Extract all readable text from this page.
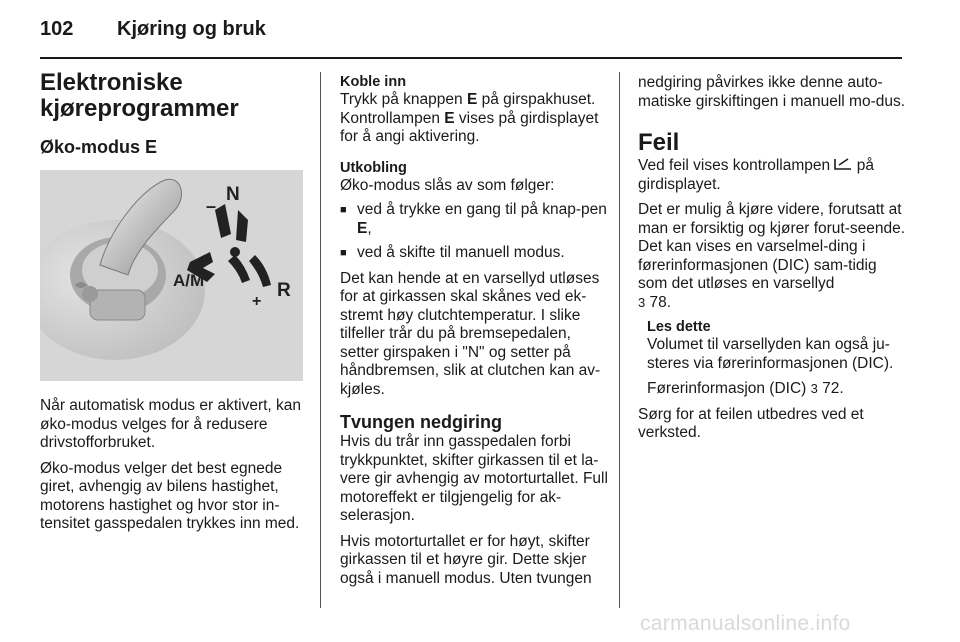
102 Kjøring og bruk
Elektroniske kjøreprogrammer
Øko-modus E
N
–
A/M
+
R

Når automatisk modus er aktivert, kan øko-modus velges for å redusere drivstofforbruket.

Øko-modus velger det best egnede giret, avhengig av bilens hastighet, motorens hastighet og hvor stor in-tensitet gasspedalen trykkes inn med.

Koble inn

Trykk på knappen E på girspakhuset. Kontrollampen E vises på girdisplayet for å angi aktivering.

Utkobling

Øko-modus slås av som følger:

■ ved å trykke en gang til på knap-pen E,
■ ved å skifte til manuell modus.

Det kan hende at en varsellyd utløses for at girkassen skal skånes ved ek-stremt høy clutchtemperatur. I slike tilfeller trår du på bremsepedalen, setter girspaken i "N" og setter på håndbremsen, slik at clutchen kan av-kjøles.

Tvungen nedgiring

Hvis du trår inn gasspedalen forbi trykkpunktet, skifter girkassen til et la-vere gir avhengig av motorturtallet. Full motoreffekt er tilgjengelig for ak-selerasjon.

Hvis motorturtallet er for høyt, skifter girkassen til et høyre gir. Dette skjer også i manuell modus. Uten tvungen

nedgiring påvirkes ikke denne auto-matiske girskiftingen i manuell mo-dus.

Feil

Ved feil vises kontrollampen  på girdisplayet.

Det er mulig å kjøre videre, forutsatt at man er forsiktig og kjører forut-seende. Det kan vises en varselmel-ding i førerinformasjonen (DIC) sam-tidig som det utløses en varsellyd

3 78.

Les dette

Volumet til varsellyden kan også ju-steres via førerinformasjonen (DIC).

Førerinformasjon (DIC) 3 72.

Sørg for at feilen utbedres ved et verksted.

carmanualsonline.info
